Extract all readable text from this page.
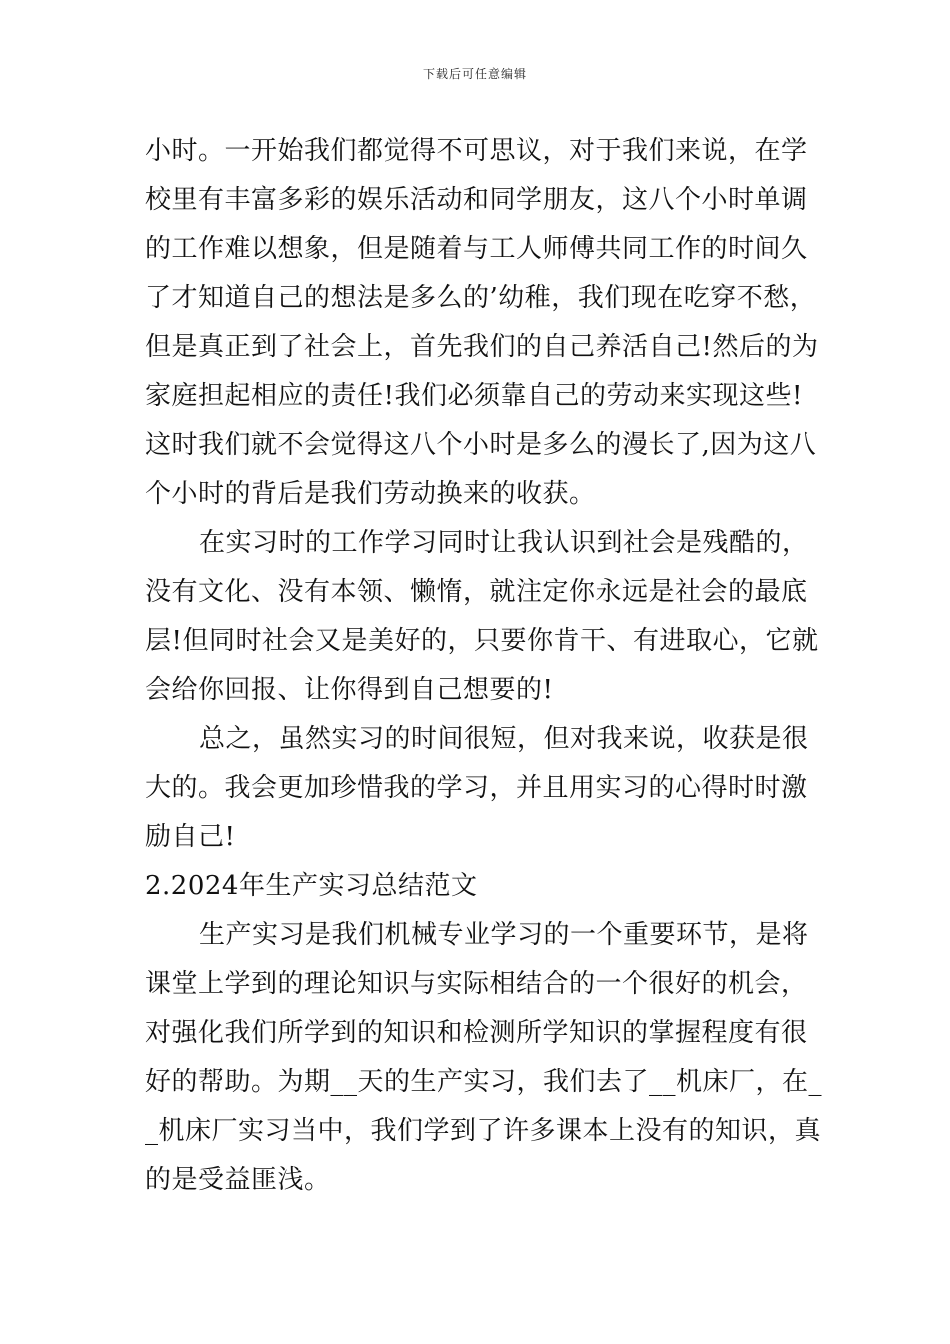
下载后可任意编辑
小时。一开始我们都觉得不可思议，对于我们来说，在学
校里有丰富多彩的娱乐活动和同学朋友，这八个小时单调
的工作难以想象，但是随着与工人师傅共同工作的时间久
了才知道自己的想法是多么的’幼稚，我们现在吃穿不愁，
但是真正到了社会上，首先我们的自己养活自己!然后的为
家庭担起相应的责任!我们必须靠自己的劳动来实现这些!
这时我们就不会觉得这八个小时是多么的漫长了,因为这八
个小时的背后是我们劳动换来的收获。
在实习时的工作学习同时让我认识到社会是残酷的，
没有文化、没有本领、懒惰，就注定你永远是社会的最底
层!但同时社会又是美好的，只要你肯干、有进取心，它就
会给你回报、让你得到自己想要的!
总之，虽然实习的时间很短，但对我来说，收获是很
大的。我会更加珍惜我的学习，并且用实习的心得时时激
励自己!
2.2024年生产实习总结范文
生产实习是我们机械专业学习的一个重要环节，是将
课堂上学到的理论知识与实际相结合的一个很好的机会，
对强化我们所学到的知识和检测所学知识的掌握程度有很
好的帮助。为期__天的生产实习，我们去了__机床厂，在_
_机床厂实习当中，我们学到了许多课本上没有的知识，真
的是受益匪浅。
